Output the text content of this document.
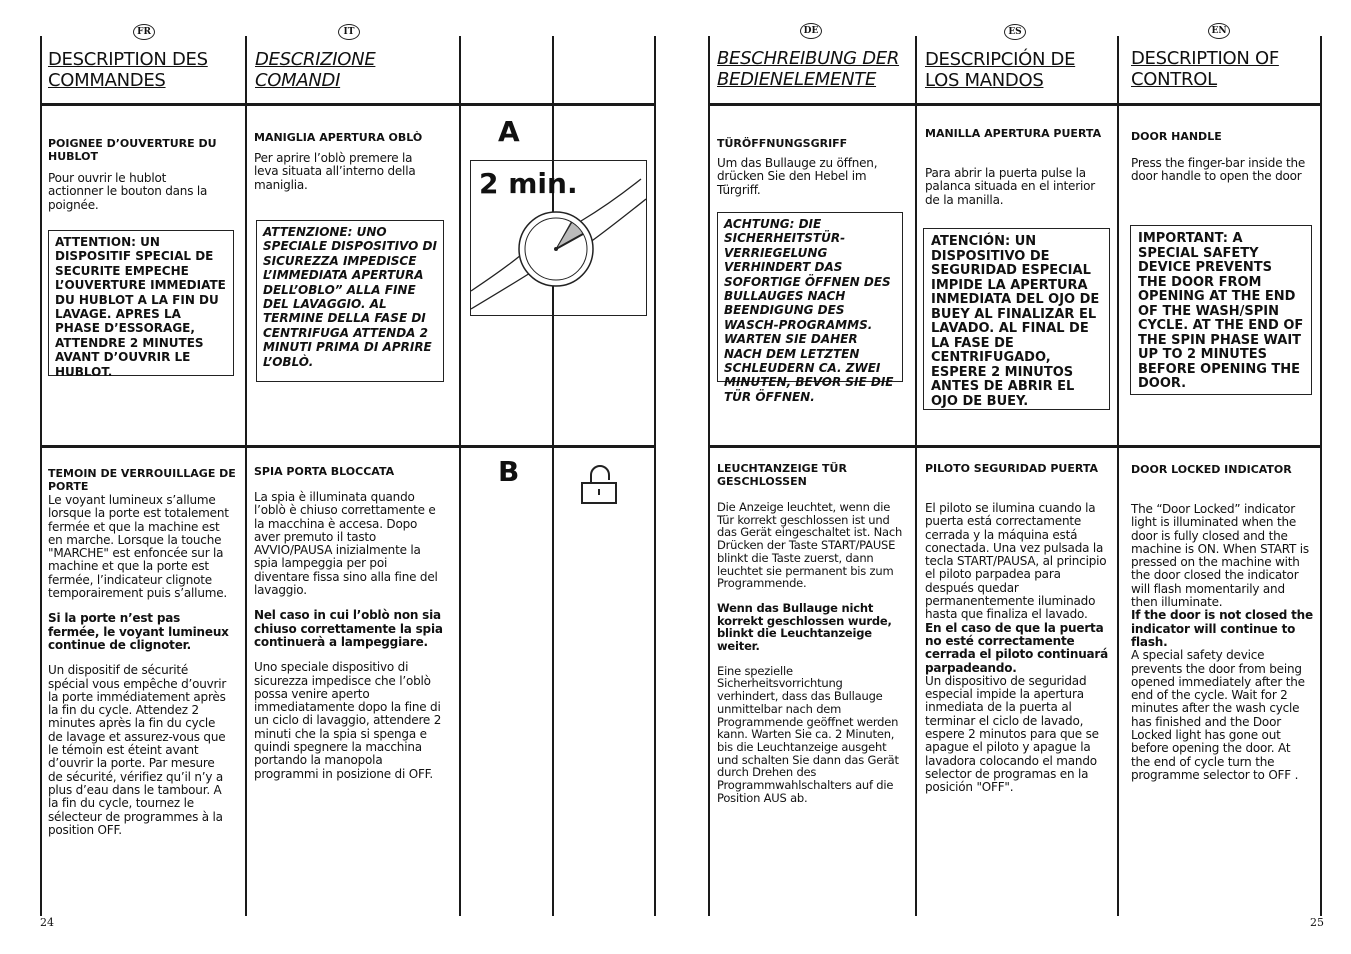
FR	IT
DESCRIPTION DES COMMANDES
DESCRIZIONE COMANDI
POIGNEE D’OUVERTURE DU HUBLOT
Pour ouvrir le hublot actionner le bouton dans la poignée.
ATTENTION: UN DISPOSITIF SPECIAL DE SECURITE EMPECHE L’OUVERTURE IMMEDIATE DU HUBLOT A LA FIN DU LAVAGE. APRES LA PHASE D’ESSORAGE, ATTENDRE 2 MINUTES AVANT D’OUVRIR LE HUBLOT.
MANIGLIA APERTURA OBLÒ
Per aprire l’oblò premere la leva situata all’interno della maniglia.
ATTENZIONE: UNO SPECIALE DISPOSITIVO DI SICUREZZA IMPEDISCE L’IMMEDIATA APERTURA DELL’OBLO” ALLA FINE DEL LAVAGGIO. AL TERMINE DELLA FASE DI CENTRIFUGA ATTENDA 2 MINUTI PRIMA DI APRIRE L’OBLÒ.
A
2 min.
TEMOIN DE VERROUILLAGE DE PORTE

Le voyant lumineux s’allume lorsque la porte est totalement fermée et que la machine est en marche. Lorsque la touche "MARCHE" est enfoncée sur la machine et que la porte est fermée, l’indicateur clignote temporairement puis s’allume.

Si la porte n’est pas fermée, le voyant lumineux continue de clignoter.

Un dispositif de sécurité spécial vous empêche d’ouvrir la porte immédiatement après la fin du cycle. Attendez 2 minutes après la fin du cycle de lavage et assurez-vous que le témoin est éteint avant d’ouvrir la porte. Par mesure de sécurité, vérifiez qu’il n’y a plus d’eau dans le tambour. A la fin du cycle, tournez le sélecteur de programmes à la position OFF.

SPIA PORTA BLOCCATA

La spia è illuminata quando l’oblò è chiuso correttamente e la macchina è accesa. Dopo aver premuto il tasto AVVIO/PAUSA inizialmente la spia lampeggia per poi diventare fissa sino alla fine del lavaggio.

Nel caso in cui l’oblò non sia chiuso correttamente la spia continuerà a lampeggiare.

Uno speciale dispositivo di sicurezza impedisce che l’oblò possa venire aperto immediatamente dopo la fine di un ciclo di lavaggio, attendere 2 minuti che la spia si spenga e quindi spegnere la macchina portando la manopola programmi in posizione di OFF.

B
24
DE	ES	EN
BESCHREIBUNG DER BEDIENELEMENTE
DESCRIPCIÓN DE LOS MANDOS
DESCRIPTION OF CONTROL
TÜRÖFFNUNGSGRIFF
Um das Bullauge zu öffnen, drücken Sie den Hebel im Türgriff.
ACHTUNG: DIE SICHERHEITSTÜR-VERRIEGELUNG VERHINDERT DAS SOFORTIGE ÖFFNEN DES BULLAUGES NACH BEENDIGUNG DES WASCH-PROGRAMMS. WARTEN SIE DAHER NACH DEM LETZTEN SCHLEUDERN CA. ZWEI MINUTEN, BEVOR SIE DIE TÜR ÖFFNEN.
MANILLA APERTURA PUERTA
Para abrir la puerta pulse la palanca situada en el interior de la manilla.
ATENCIÓN: UN DISPOSITIVO DE SEGURIDAD ESPECIAL IMPIDE LA APERTURA INMEDIATA DEL OJO DE BUEY AL FINALIZAR EL LAVADO. AL FINAL DE LA FASE DE CENTRIFUGADO, ESPERE 2 MINUTOS ANTES DE ABRIR EL OJO DE BUEY.
DOOR HANDLE
Press the finger-bar inside the door handle to open the door
IMPORTANT: A SPECIAL SAFETY DEVICE PREVENTS THE DOOR FROM OPENING AT THE END OF THE WASH/SPIN CYCLE. AT THE END OF THE SPIN PHASE WAIT UP TO 2 MINUTES BEFORE OPENING THE DOOR.
LEUCHTANZEIGE TÜR GESCHLOSSEN

Die Anzeige leuchtet, wenn die Tür korrekt geschlossen ist und das Gerät eingeschaltet ist. Nach Drücken der Taste START/PAUSE blinkt die Taste zuerst, dann leuchtet sie permanent bis zum Programmende.

Wenn das Bullauge nicht korrekt geschlossen wurde, blinkt die Leuchtanzeige weiter.

Eine spezielle Sicherheitsvorrichtung verhindert, dass das Bullauge unmittelbar nach dem Programmende geöffnet werden kann. Warten Sie ca. 2 Minuten, bis die Leuchtanzeige ausgeht und schalten Sie dann das Gerät durch Drehen des Programmwahlschalters auf die Position AUS ab.

PILOTO SEGURIDAD PUERTA

El piloto se ilumina cuando la puerta está correctamente cerrada y la máquina está conectada. Una vez pulsada la tecla START/PAUSA, al principio el piloto parpadea para después quedar permanentemente iluminado hasta que finaliza el lavado.

En el caso de que la puerta no esté correctamente cerrada el piloto continuará parpadeando.

Un dispositivo de seguridad especial impide la apertura inmediata de la puerta al terminar el ciclo de lavado, espere 2 minutos para que se apague el piloto y apague la lavadora colocando el mando selector de programas en la posición "OFF".

DOOR LOCKED INDICATOR

The “Door Locked” indicator light is illuminated when the door is fully closed and the machine is ON. When START is pressed on the machine with the door closed the indicator will flash momentarily and then illuminate.

If the door is not closed the indicator will continue to flash.

A special safety device prevents the door from being opened immediately after the end of the cycle. Wait for 2 minutes after the wash cycle has finished and the Door Locked light has gone out before opening the door. At the end of cycle turn the programme selector to OFF .

25
